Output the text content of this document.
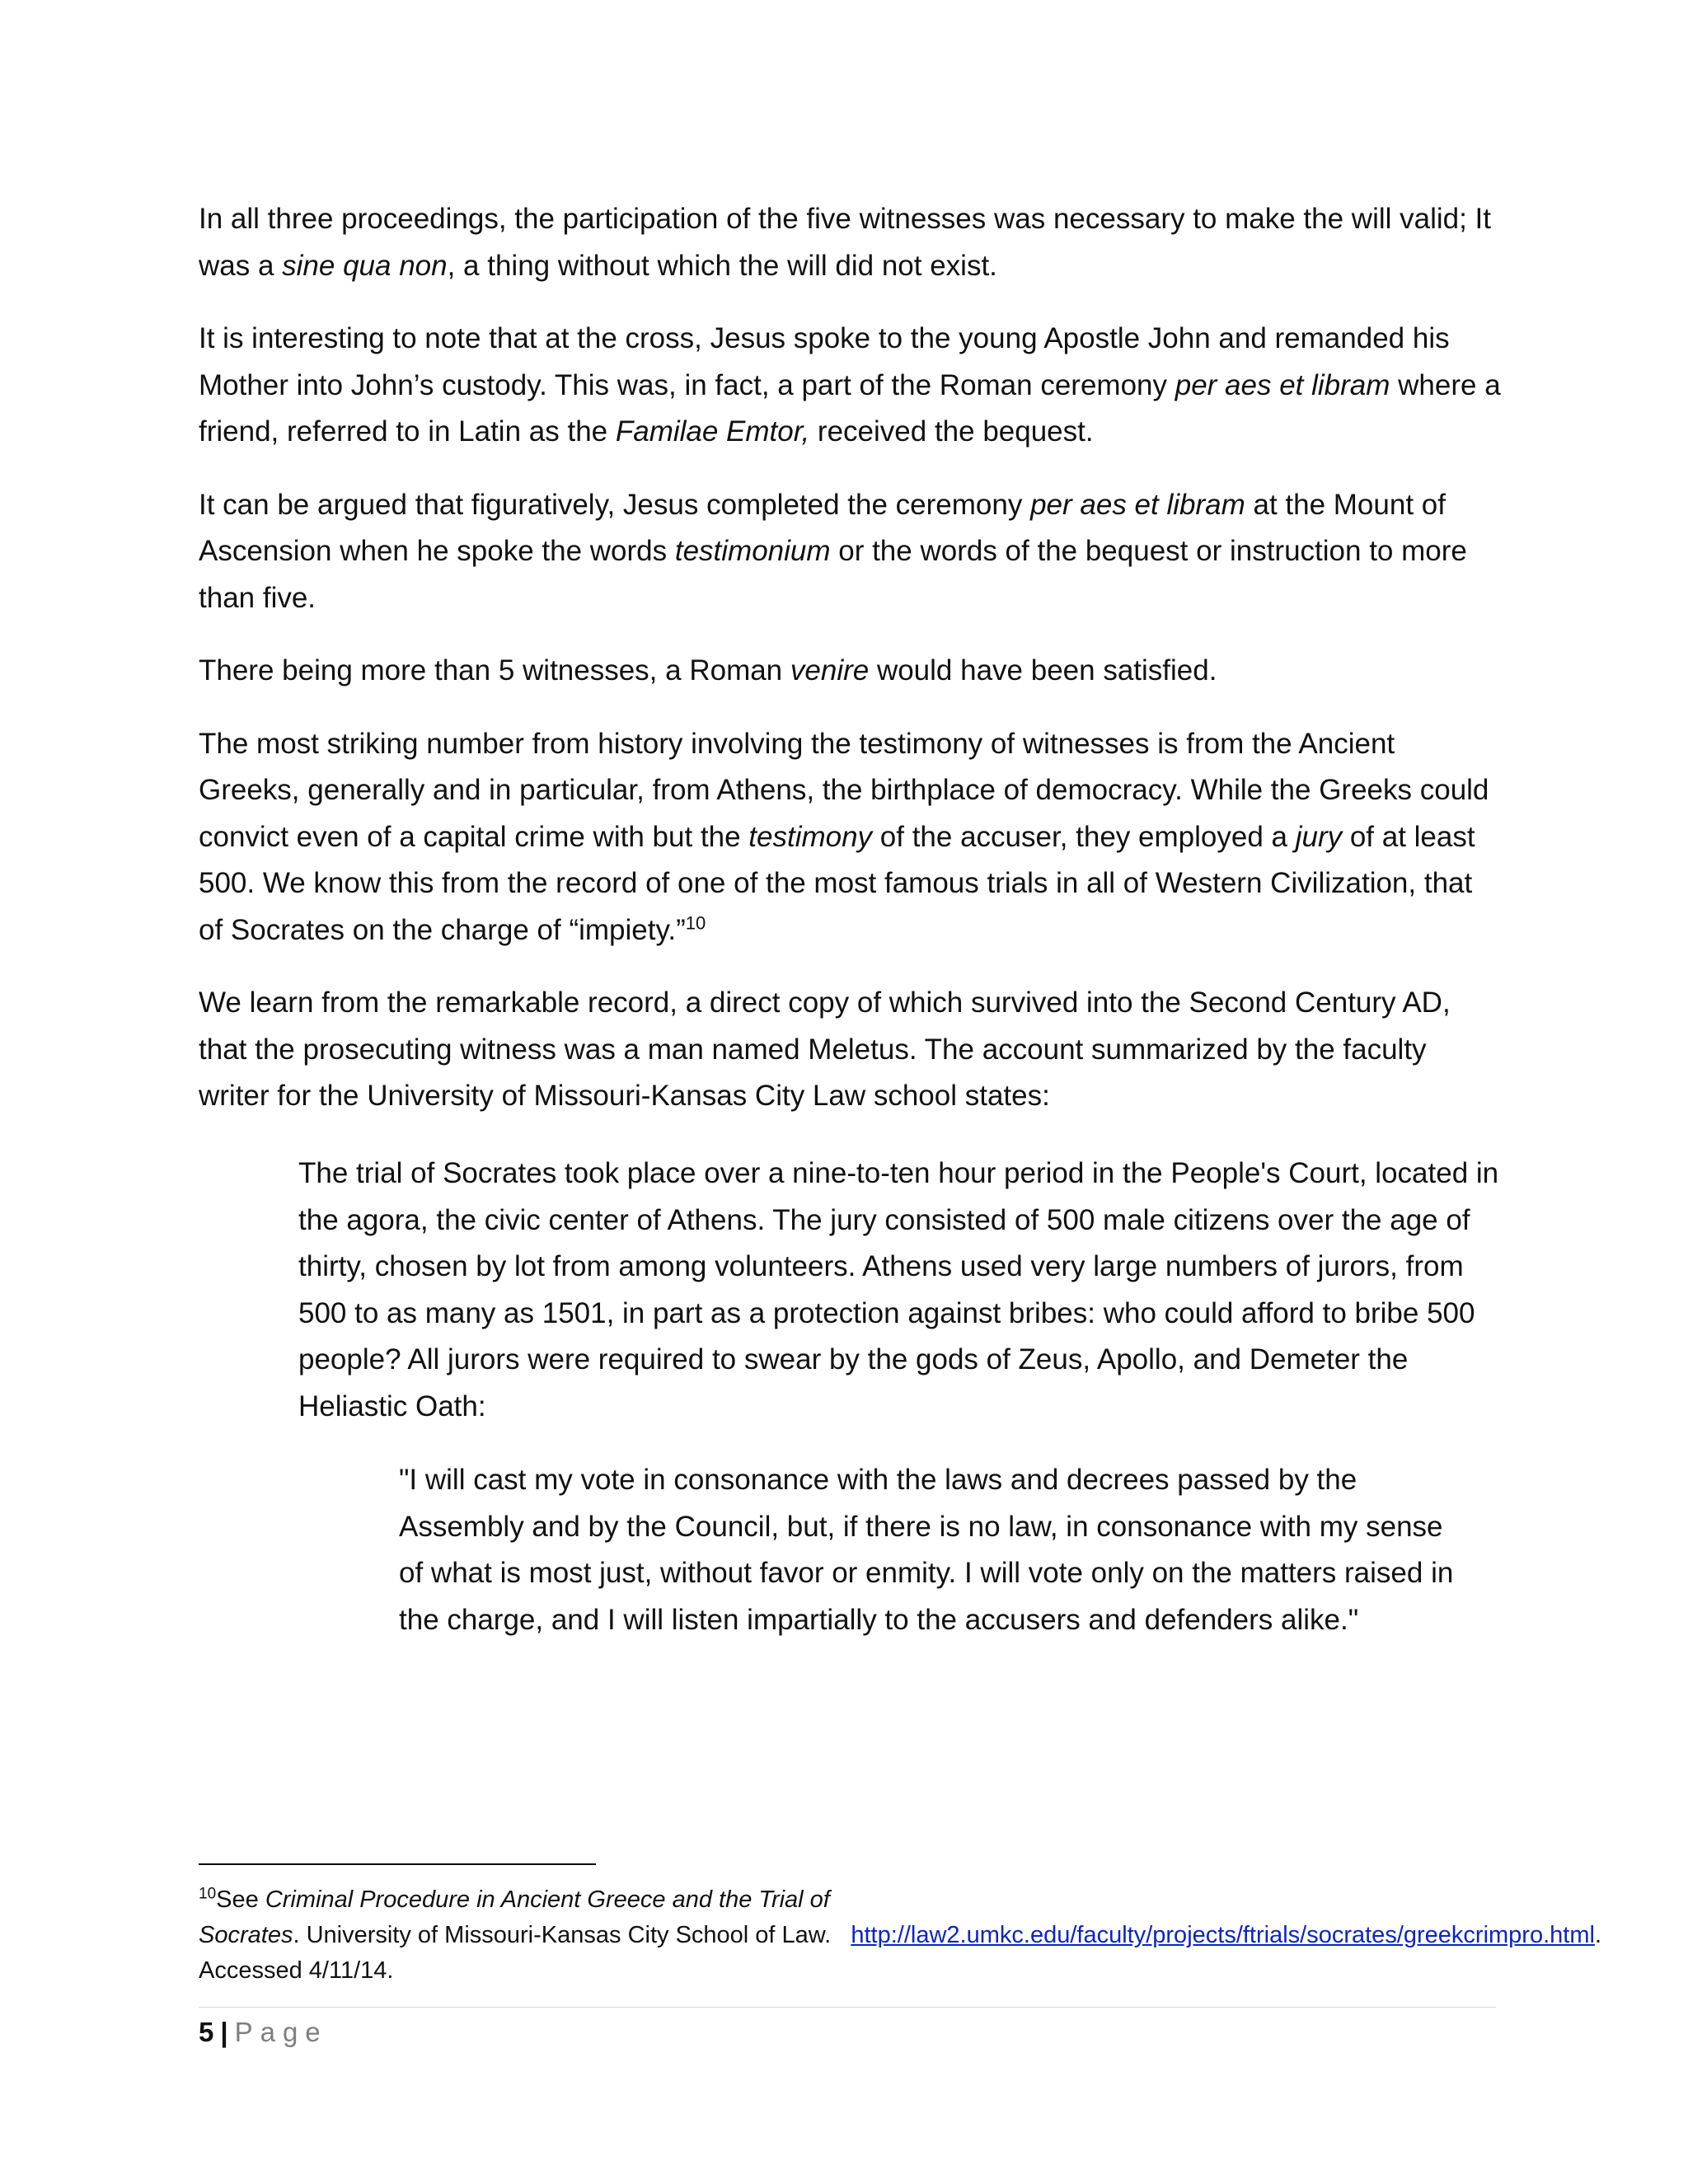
In all three proceedings, the participation of the five witnesses was necessary to make the will valid; It was a sine qua non, a thing without which the will did not exist.

It is interesting to note that at the cross, Jesus spoke to the young Apostle John and remanded his Mother into John’s custody. This was, in fact, a part of the Roman ceremony per aes et libram where a friend, referred to in Latin as the Familae Emtor, received the bequest.

It can be argued that figuratively, Jesus completed the ceremony per aes et libram at the Mount of Ascension when he spoke the words testimonium or the words of the bequest or instruction to more than five.

There being more than 5 witnesses, a Roman venire would have been satisfied.

The most striking number from history involving the testimony of witnesses is from the Ancient Greeks, generally and in particular, from Athens, the birthplace of democracy. While the Greeks could convict even of a capital crime with but the testimony of the accuser, they employed a jury of at least 500. We know this from the record of one of the most famous trials in all of Western Civilization, that of Socrates on the charge of “impiety.”$^{10}$

We learn from the remarkable record, a direct copy of which survived into the Second Century AD, that the prosecuting witness was a man named Meletus. The account summarized by the faculty writer for the University of Missouri-Kansas City Law school states:

The trial of Socrates took place over a nine-to-ten hour period in the People's Court, located in the agora, the civic center of Athens. The jury consisted of 500 male citizens over the age of thirty, chosen by lot from among volunteers. Athens used very large numbers of jurors, from 500 to as many as 1501, in part as a protection against bribes: who could afford to bribe 500 people? All jurors were required to swear by the gods of Zeus, Apollo, and Demeter the Heliastic Oath:

"I will cast my vote in consonance with the laws and decrees passed by the Assembly and by the Council, but, if there is no law, in consonance with my sense of what is most just, without favor or enmity. I will vote only on the matters raised in the charge, and I will listen impartially to the accusers and defenders alike."

$^{10}$See Criminal Procedure in Ancient Greece and the Trial of Socrates. University of Missouri-Kansas City School of Law.   http://law2.umkc.edu/faculty/projects/ftrials/socrates/greekcrimpro.html. Accessed 4/11/14.
5 | Page
